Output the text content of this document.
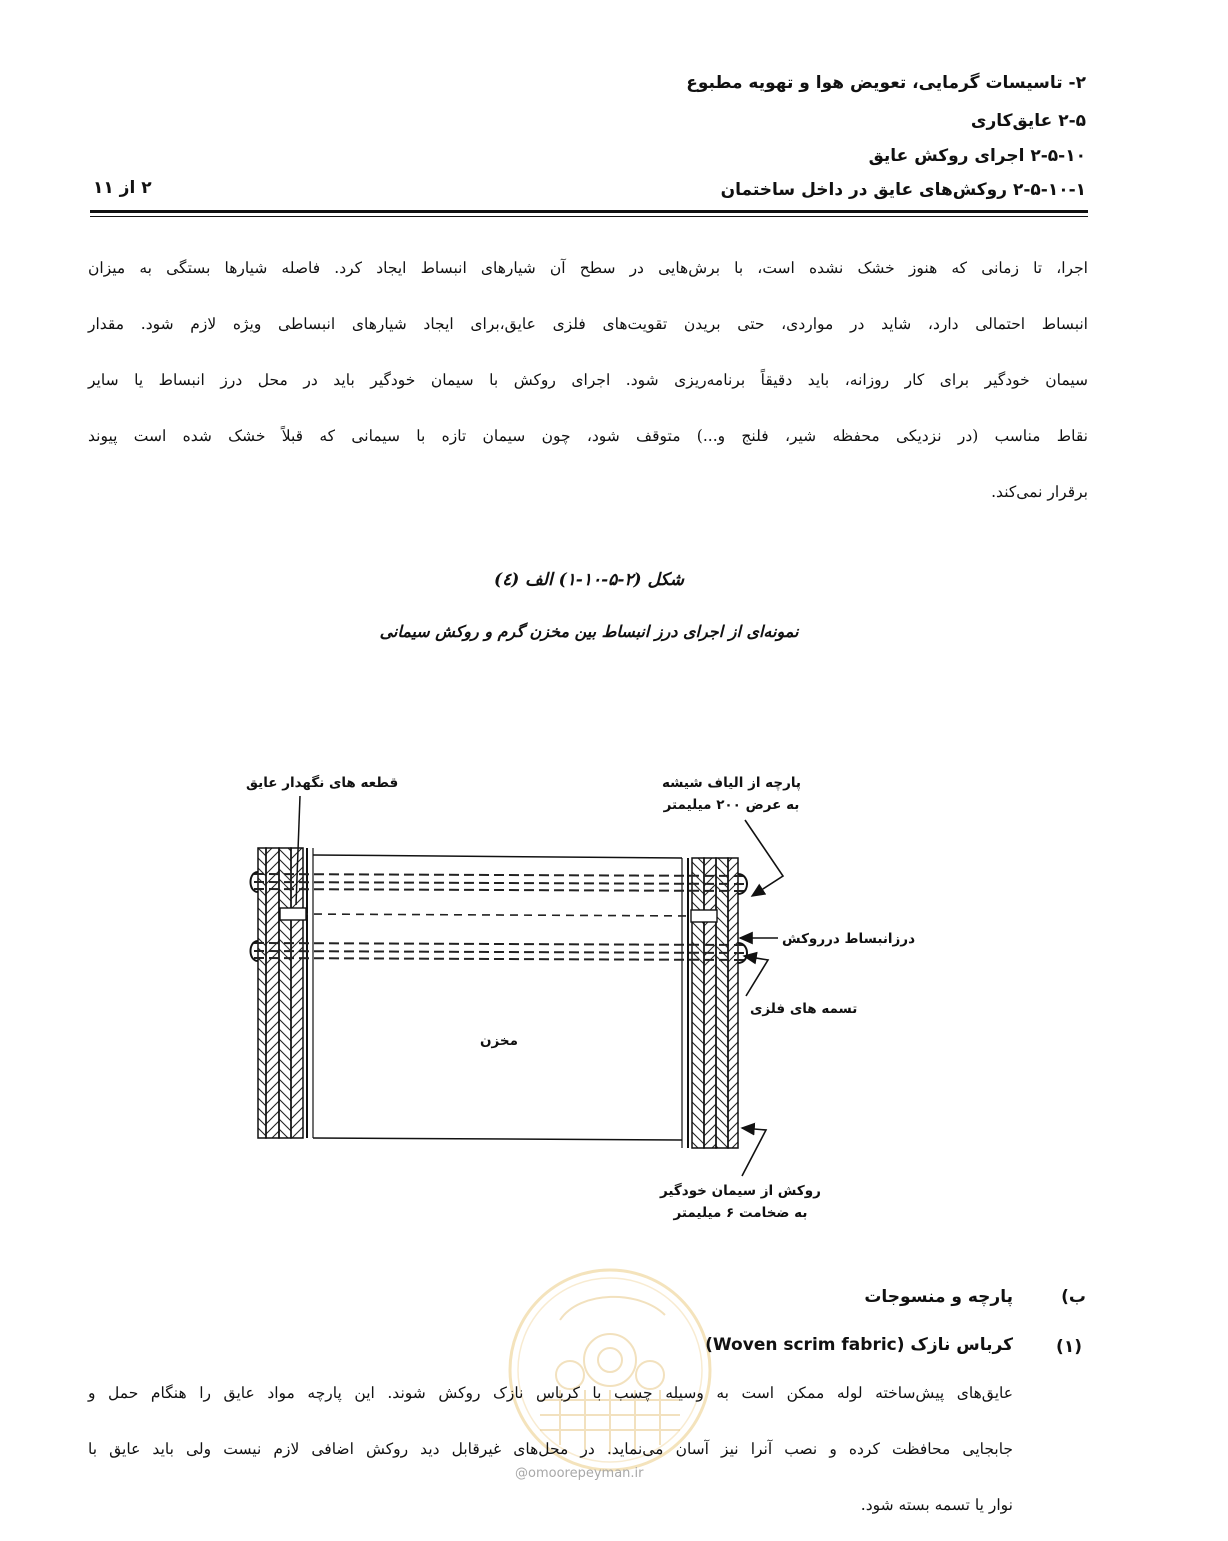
۲- تاسیسات گرمایی، تعویض هوا و تهویه مطبوع
۲-۵ عایق‌کاری
۲-۵-۱۰ اجرای روکش عایق
۲-۵-۱۰-۱ روکش‌های عایق در داخل ساختمان
۲ از ۱۱
اجرا، تا زمانی که هنوز خشک نشده است، با برش‌هایی در سطح آن شیارهای انبساط ایجاد کرد. فاصله شیارها بستگی به میزان
انبساط احتمالی دارد، شاید در مواردی، حتی بریدن تقویت‌های فلزی عایق،برای ایجاد شیارهای انبساطی ویژه لازم شود. مقدار
سیمان خودگیر برای کار روزانه، باید دقیقاً برنامه‌ریزی شود. اجرای روکش با سیمان خودگیر باید در محل درز انبساط یا سایر
نقاط مناسب (در نزدیکی محفظه شیر، فلنج و...) متوقف شود، چون سیمان تازه با سیمانی که قبلاً خشک شده است پیوند
برقرار نمی‌کند.
شکل (۲-۵-۱۰-۱) الف (٤)
نمونه‌ای از اجرای درز انبساط بین مخزن گرم و روکش سیمانی
قطعه های نگهدار عایق	پارچه از الیاف شیشه
به عرض ۲۰۰ میلیمتر
درزانبساط درروکش
تسمه های فلزی
مخزن
روکش از سیمان خودگیر
به ضخامت ۶ میلیمتر
@omoorepeyman.ir
ب)
پارچه و منسوجات
(۱)
کرباس نازک (Woven scrim fabric)
عایق‌های پیش‌ساخته لوله ممکن است به وسیله چسب با کرباس نازک روکش شوند. این پارچه مواد عایق را هنگام حمل و
جابجایی محافظت کرده و نصب آنرا نیز آسان می‌نماید. در محل‌های غیرقابل دید روکش اضافی لازم نیست ولی باید عایق با
نوار یا تسمه بسته شود.
